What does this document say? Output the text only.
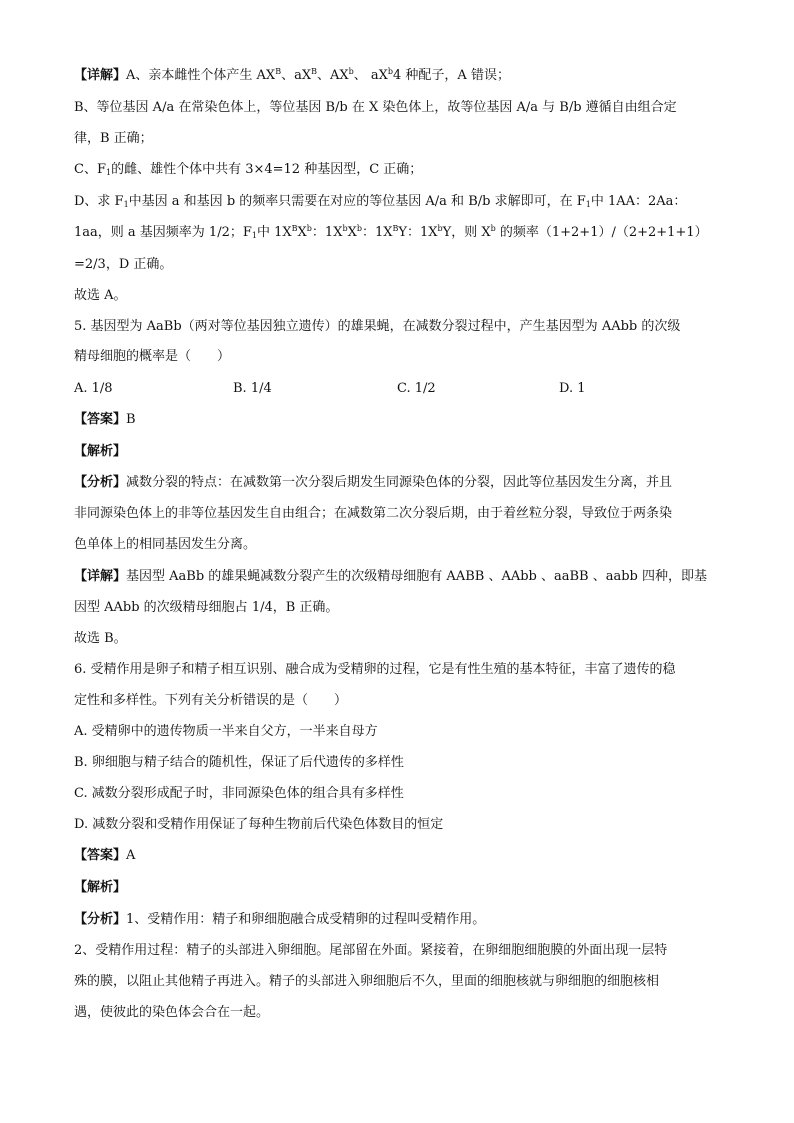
【详解】A、亲本雌性个体产生 $AX^B$、$aX^B$、$AX^b$、 $aX^b4$ 种配子，A 错误；
B、等位基因 A/a 在常染色体上，等位基因 B/b 在 X 染色体上，故等位基因 A/a 与 B/b 遵循自由组合定
律，B 正确；
C、$F_1$的雌、雄性个体中共有 3×4=12 种基因型，C 正确；
D、求 $F_1$中基因 a 和基因 b 的频率只需要在对应的等位基因 A/a 和 B/b 求解即可，在 $F_1$中 1AA：2Aa：
1aa，则 a 基因频率为 1/2；$F_1$中 $1X^BX^b$：$1X^bX^b$：$1X^BY$：$1X^bY$，则 $X^b$ 的频率（1+2+1）/（2+2+1+1）
=2/3，D 正确。
故选 A。
5. 基因型为 AaBb（两对等位基因独立遗传）的雄果蝇，在减数分裂过程中，产生基因型为 AAbb 的次级
精母细胞的概率是（　　）
A. 1/8	B. 1/4	C. 1/2	D. 1
【答案】B
【解析】
【分析】减数分裂的特点：在减数第一次分裂后期发生同源染色体的分裂，因此等位基因发生分离，并且
非同源染色体上的非等位基因发生自由组合；在减数第二次分裂后期，由于着丝粒分裂，导致位于两条染
色单体上的相同基因发生分离。
【详解】基因型 AaBb 的雄果蝇减数分裂产生的次级精母细胞有 AABB 、AAbb 、aaBB 、aabb 四种，即基
因型 AAbb 的次级精母细胞占 1/4，B 正确。
故选 B。
6. 受精作用是卵子和精子相互识别、融合成为受精卵的过程，它是有性生殖的基本特征，丰富了遗传的稳
定性和多样性。下列有关分析错误的是（　　）
A. 受精卵中的遗传物质一半来自父方，一半来自母方
B. 卵细胞与精子结合的随机性，保证了后代遗传的多样性
C. 减数分裂形成配子时，非同源染色体的组合具有多样性
D. 减数分裂和受精作用保证了每种生物前后代染色体数目的恒定
【答案】A
【解析】
【分析】1、受精作用：精子和卵细胞融合成受精卵的过程叫受精作用。
2、受精作用过程：精子的头部进入卵细胞。尾部留在外面。紧接着，在卵细胞细胞膜的外面出现一层特
殊的膜，以阻止其他精子再进入。精子的头部进入卵细胞后不久，里面的细胞核就与卵细胞的细胞核相
遇，使彼此的染色体会合在一起。
